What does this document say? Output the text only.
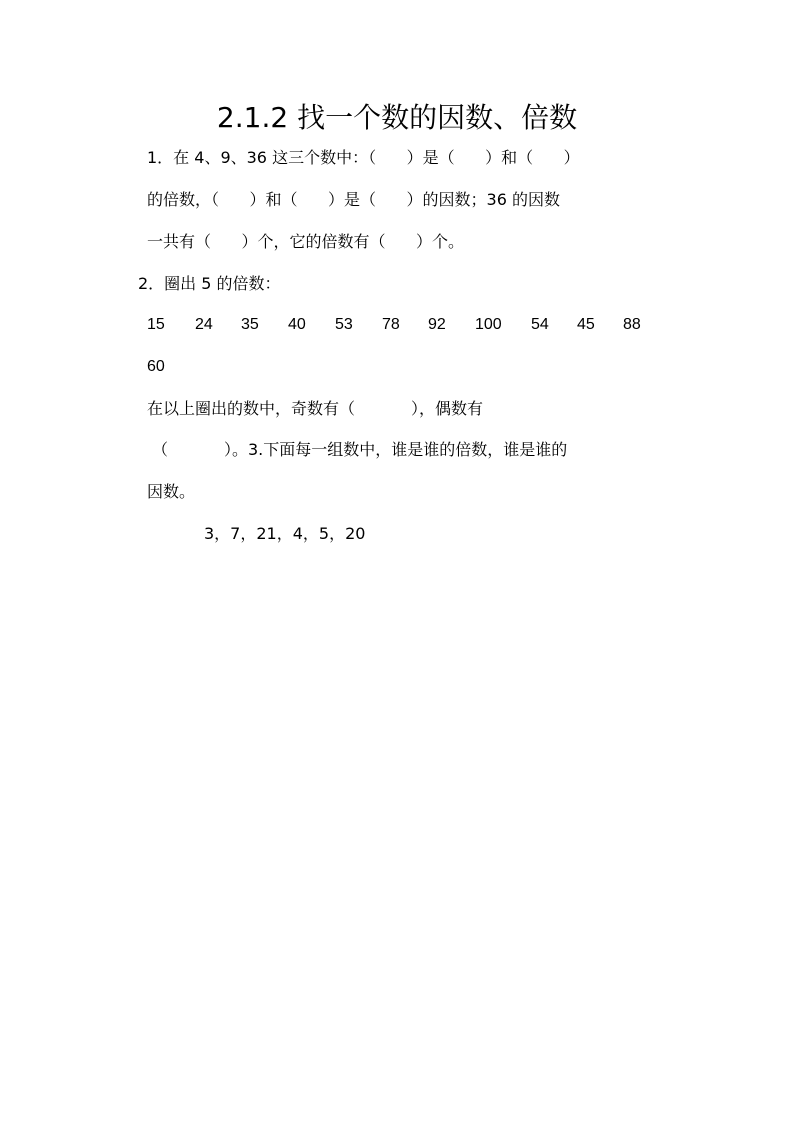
2.1.2 找一个数的因数、倍数
1．在 4、9、36 这三个数中：（      ）是（      ）和（      ）
的倍数，（      ）和（      ）是（      ）的因数；36 的因数
一共有（      ）个，它的倍数有（      ）个。
2．圈出 5 的倍数：
15 24 35 40 53 78 92 100 54 45 88
60
在以上圈出的数中，奇数有（           ），偶数有
（           ）。3.下面每一组数中，谁是谁的倍数，谁是谁的
因数。
3，7，21，4，5，20
